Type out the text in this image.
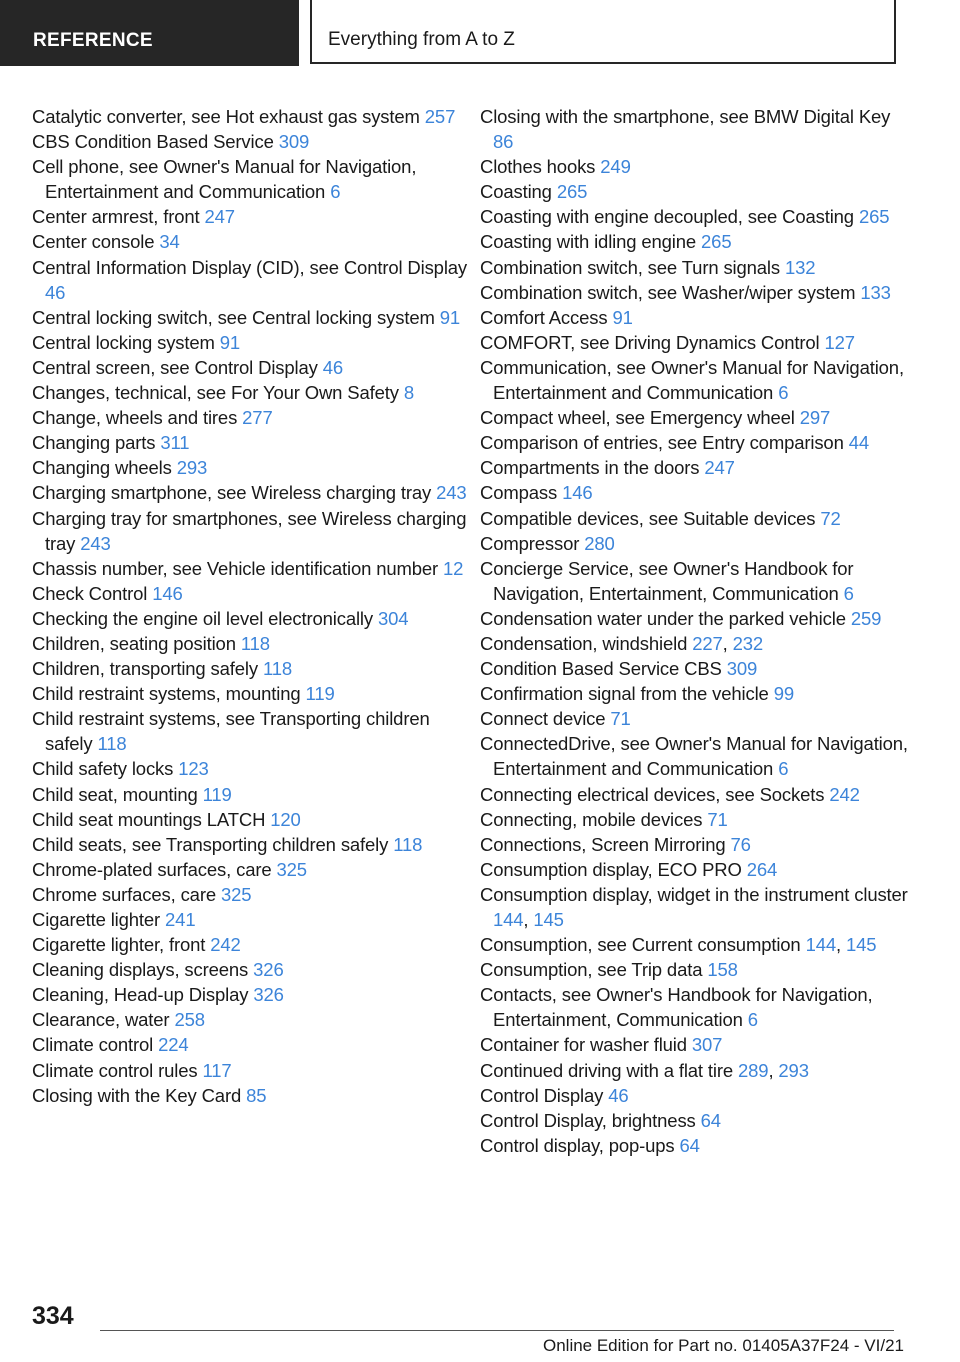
REFERENCE	Everything from A to Z
Catalytic converter, see Hot exhaust gas system 257
CBS Condition Based Service 309
Cell phone, see Owner's Manual for Navigation, Entertainment and Communication 6
Center armrest, front 247
Center console 34
Central Information Display (CID), see Control Display 46
Central locking switch, see Central locking system 91
Central locking system 91
Central screen, see Control Display 46
Changes, technical, see For Your Own Safety 8
Change, wheels and tires 277
Changing parts 311
Changing wheels 293
Charging smartphone, see Wireless charging tray 243
Charging tray for smartphones, see Wireless charging tray 243
Chassis number, see Vehicle identification number 12
Check Control 146
Checking the engine oil level electronically 304
Children, seating position 118
Children, transporting safely 118
Child restraint systems, mounting 119
Child restraint systems, see Transporting children safely 118
Child safety locks 123
Child seat, mounting 119
Child seat mountings LATCH 120
Child seats, see Transporting children safely 118
Chrome-plated surfaces, care 325
Chrome surfaces, care 325
Cigarette lighter 241
Cigarette lighter, front 242
Cleaning displays, screens 326
Cleaning, Head-up Display 326
Clearance, water 258
Climate control 224
Climate control rules 117
Closing with the Key Card 85
Closing with the smartphone, see BMW Digital Key 86
Clothes hooks 249
Coasting 265
Coasting with engine decoupled, see Coasting 265
Coasting with idling engine 265
Combination switch, see Turn signals 132
Combination switch, see Washer/wiper system 133
Comfort Access 91
COMFORT, see Driving Dynamics Control 127
Communication, see Owner's Manual for Navigation, Entertainment and Communication 6
Compact wheel, see Emergency wheel 297
Comparison of entries, see Entry comparison 44
Compartments in the doors 247
Compass 146
Compatible devices, see Suitable devices 72
Compressor 280
Concierge Service, see Owner's Handbook for Navigation, Entertainment, Communication 6
Condensation water under the parked vehicle 259
Condensation, windshield 227, 232
Condition Based Service CBS 309
Confirmation signal from the vehicle 99
Connect device 71
ConnectedDrive, see Owner's Manual for Navigation, Entertainment and Communication 6
Connecting electrical devices, see Sockets 242
Connecting, mobile devices 71
Connections, Screen Mirroring 76
Consumption display, ECO PRO 264
Consumption display, widget in the instrument cluster 144, 145
Consumption, see Current consumption 144, 145
Consumption, see Trip data 158
Contacts, see Owner's Handbook for Navigation, Entertainment, Communication 6
Container for washer fluid 307
Continued driving with a flat tire 289, 293
Control Display 46
Control Display, brightness 64
Control display, pop-ups 64
334
Online Edition for Part no. 01405A37F24 - VI/21
